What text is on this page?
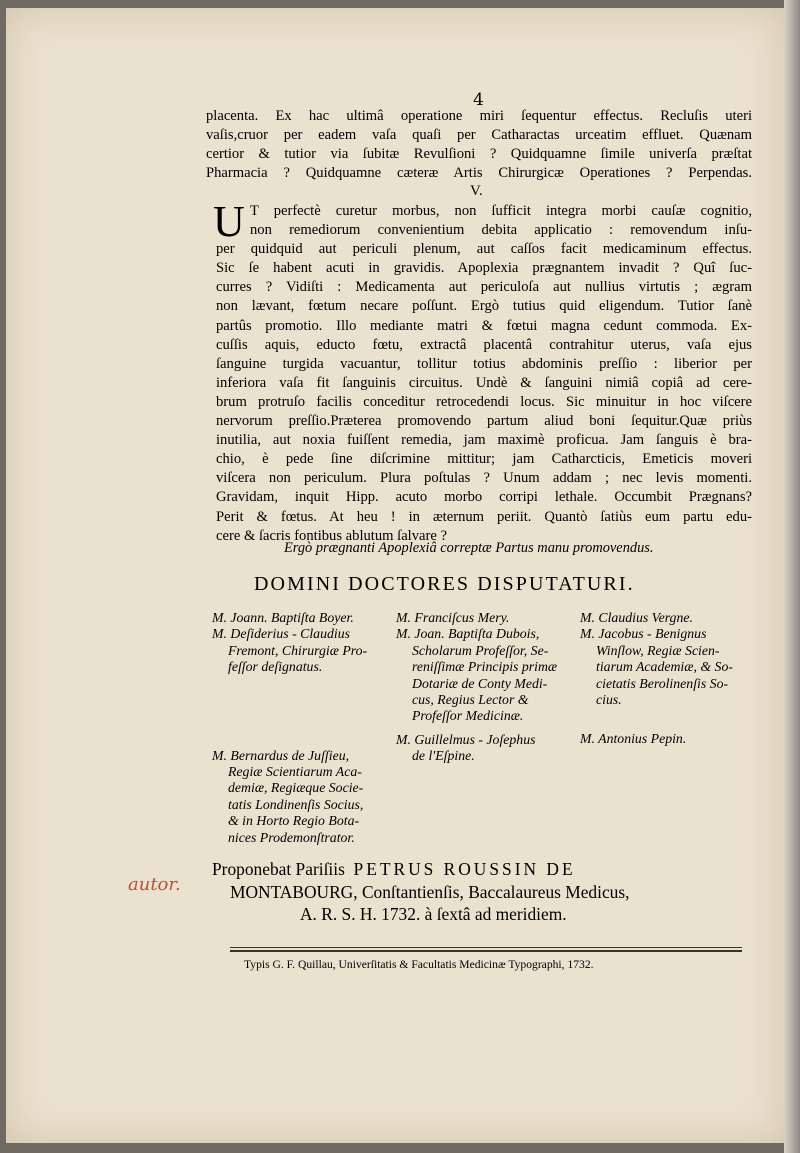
4
placenta. Ex hac ultimâ operatione miri ſequentur effectus. Recluſis uteri
vaſis,cruor per eadem vaſa quaſi per Catharactas urceatim effluet. Quænam
certior & tutior via ſubitæ Revulſioni ? Quidquamne ſimile univerſa præſtat
Pharmacia ? Quidquamne cæteræ Artis Chirurgicæ Operationes ? Perpendas.
V.
U T perfectè curetur morbus, non ſufficit integra morbi cauſæ cognitio,
non remediorum convenientium debita applicatio : removendum inſu-
per quidquid aut periculi plenum, aut caſſos facit medicaminum effectus.
Sic ſe habent acuti in gravidis. Apoplexia prægnantem invadit ? Quî ſuc-
curres ? Vidiſti : Medicamenta aut periculoſa aut nullius virtutis ; ægram
non lævant, fœtum necare poſſunt. Ergò tutius quid eligendum. Tutior ſanè
partûs promotio. Illo mediante matri & fœtui magna cedunt commoda. Ex-
cuſſis aquis, educto fœtu, extractâ placentâ contrahitur uterus, vaſa ejus
ſanguine turgida vacuantur, tollitur totius abdominis preſſio : liberior per
inferiora vaſa fit ſanguinis circuitus. Undè & ſanguini nimiâ copiâ ad cere-
brum protruſo facilis conceditur retrocedendi locus. Sic minuitur in hoc viſcere
nervorum preſſio.Præterea promovendo partum aliud boni ſequitur.Quæ priùs
inutilia, aut noxia fuiſſent remedia, jam maximè proficua. Jam ſanguis è bra-
chio, è pede ſine diſcrimine mittitur; jam Catharcticis, Emeticis moveri
viſcera non periculum. Plura poſtulas ? Unum addam ; nec levis momenti.
Gravidam, inquit Hipp. acuto morbo corripi lethale. Occumbit Prægnans?
Perit & fœtus. At heu ! in æternum periit. Quantò ſatiùs eum partu edu-
cere & ſacris fontibus ablutum ſalvare ?
Ergò prægnanti Apoplexiâ correptæ Partus manu promovendus.
DOMINI DOCTORES DISPUTATURI.
M. Joann. Baptiſta Boyer.
M. Deſiderius - Claudius
Fremont, Chirurgiæ Pro-
feſſor deſignatus.
M. Bernardus de Juſſieu,
Regiæ Scientiarum Aca-
demiæ, Regiæque Socie-
tatis Londinenſis Socius,
& in Horto Regio Bota-
nices Prodemonſtrator.
M. Franciſcus Mery.
M. Joan. Baptiſta Dubois,
Scholarum Profeſſor, Se-
reniſſimæ Principis primæ
Dotariæ de Conty Medi-
cus, Regius Lector &
Profeſſor Medicinæ.
M. Guillelmus - Joſephus
de l'Eſpine.
M. Claudius Vergne.
M. Jacobus - Benignus
Winſlow, Regiæ Scien-
tiarum Academiæ, & So-
cietatis Berolinenſis So-
cius.
M. Antonius Pepin.
autor.
Proponebat Pariſiis PETRUS ROUSSIN DE
MONTABOURG, Conſtantienſis, Baccalaureus Medicus,
A. R. S. H. 1732. à ſextâ ad meridiem.
Typis G. F. Quillau, Univerſitatis & Facultatis Medicinæ Typographi, 1732.
